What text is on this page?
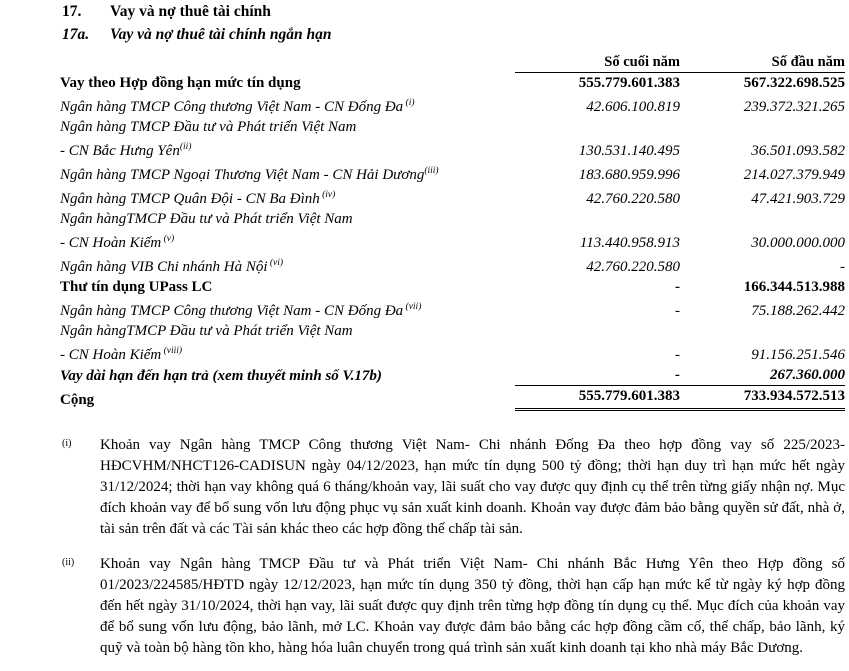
17.	Vay và nợ thuê tài chính
17a.	Vay và nợ thuê tài chính ngắn hạn
	Số cuối năm	Số đầu năm
Vay theo Hợp đồng hạn mức tín dụng	555.779.601.383	567.322.698.525
Ngân hàng TMCP Công thương Việt Nam - CN Đống Đa $^{(i)}$	42.606.100.819	239.372.321.265
Ngân hàng TMCP Đầu tư và Phát triển Việt Nam
- CN Bắc Hưng Yên$^{(ii)}$	130.531.140.495	36.501.093.582
Ngân hàng TMCP Ngoại Thương Việt Nam - CN Hải Dương$^{(iii)}$	183.680.959.996	214.027.379.949
Ngân hàng TMCP Quân Đội - CN Ba Đình $^{(iv)}$	42.760.220.580	47.421.903.729
Ngân hàngTMCP Đầu tư và Phát triển Việt Nam
- CN Hoàn Kiếm $^{(v)}$	113.440.958.913	30.000.000.000
Ngân hàng VIB Chi nhánh Hà Nội $^{(vi)}$	42.760.220.580	-
Thư tín dụng UPass LC	-	166.344.513.988
Ngân hàng TMCP Công thương Việt Nam - CN Đống Đa $^{(vii)}$	-	75.188.262.442
Ngân hàngTMCP Đầu tư và Phát triển Việt Nam
- CN Hoàn Kiếm $^{(viii)}$	-	91.156.251.546
Vay dài hạn đến hạn trả (xem thuyết minh số V.17b)	-	267.360.000
Cộng	555.779.601.383	733.934.572.513
(i)	Khoản vay Ngân hàng TMCP Công thương Việt Nam- Chi nhánh Đống Đa theo hợp đồng vay số 225/2023-HĐCVHM/NHCT126-CADISUN ngày 04/12/2023, hạn mức tín dụng 500 tỷ đồng; thời hạn duy trì hạn mức hết ngày 31/12/2024; thời hạn vay không quá 6 tháng/khoản vay, lãi suất cho vay được quy định cụ thể trên từng giấy nhận nợ. Mục đích khoản vay để bổ sung vốn lưu động phục vụ sản xuất kinh doanh. Khoản vay được đảm bảo bằng quyền sử đất, nhà ở, tài sản trên đất và các Tài sản khác theo các hợp đồng thế chấp tài sản.
(ii)	Khoản vay Ngân hàng TMCP Đầu tư và Phát triển Việt Nam- Chi nhánh Bắc Hưng Yên theo Hợp đồng số 01/2023/224585/HĐTD ngày 12/12/2023, hạn mức tín dụng 350 tỷ đồng, thời hạn cấp hạn mức kể từ ngày ký hợp đồng đến hết ngày 31/10/2024, thời hạn vay, lãi suất được quy định trên từng hợp đồng tín dụng cụ thể. Mục đích của khoản vay để bổ sung vốn lưu động, bảo lãnh, mở LC. Khoản vay được đảm bảo bằng các hợp đồng cầm cố, thế chấp, bảo lãnh, ký quỹ và toàn bộ hàng tồn kho, hàng hóa luân chuyển trong quá trình sản xuất kinh doanh tại kho nhà máy Bắc Dương.
